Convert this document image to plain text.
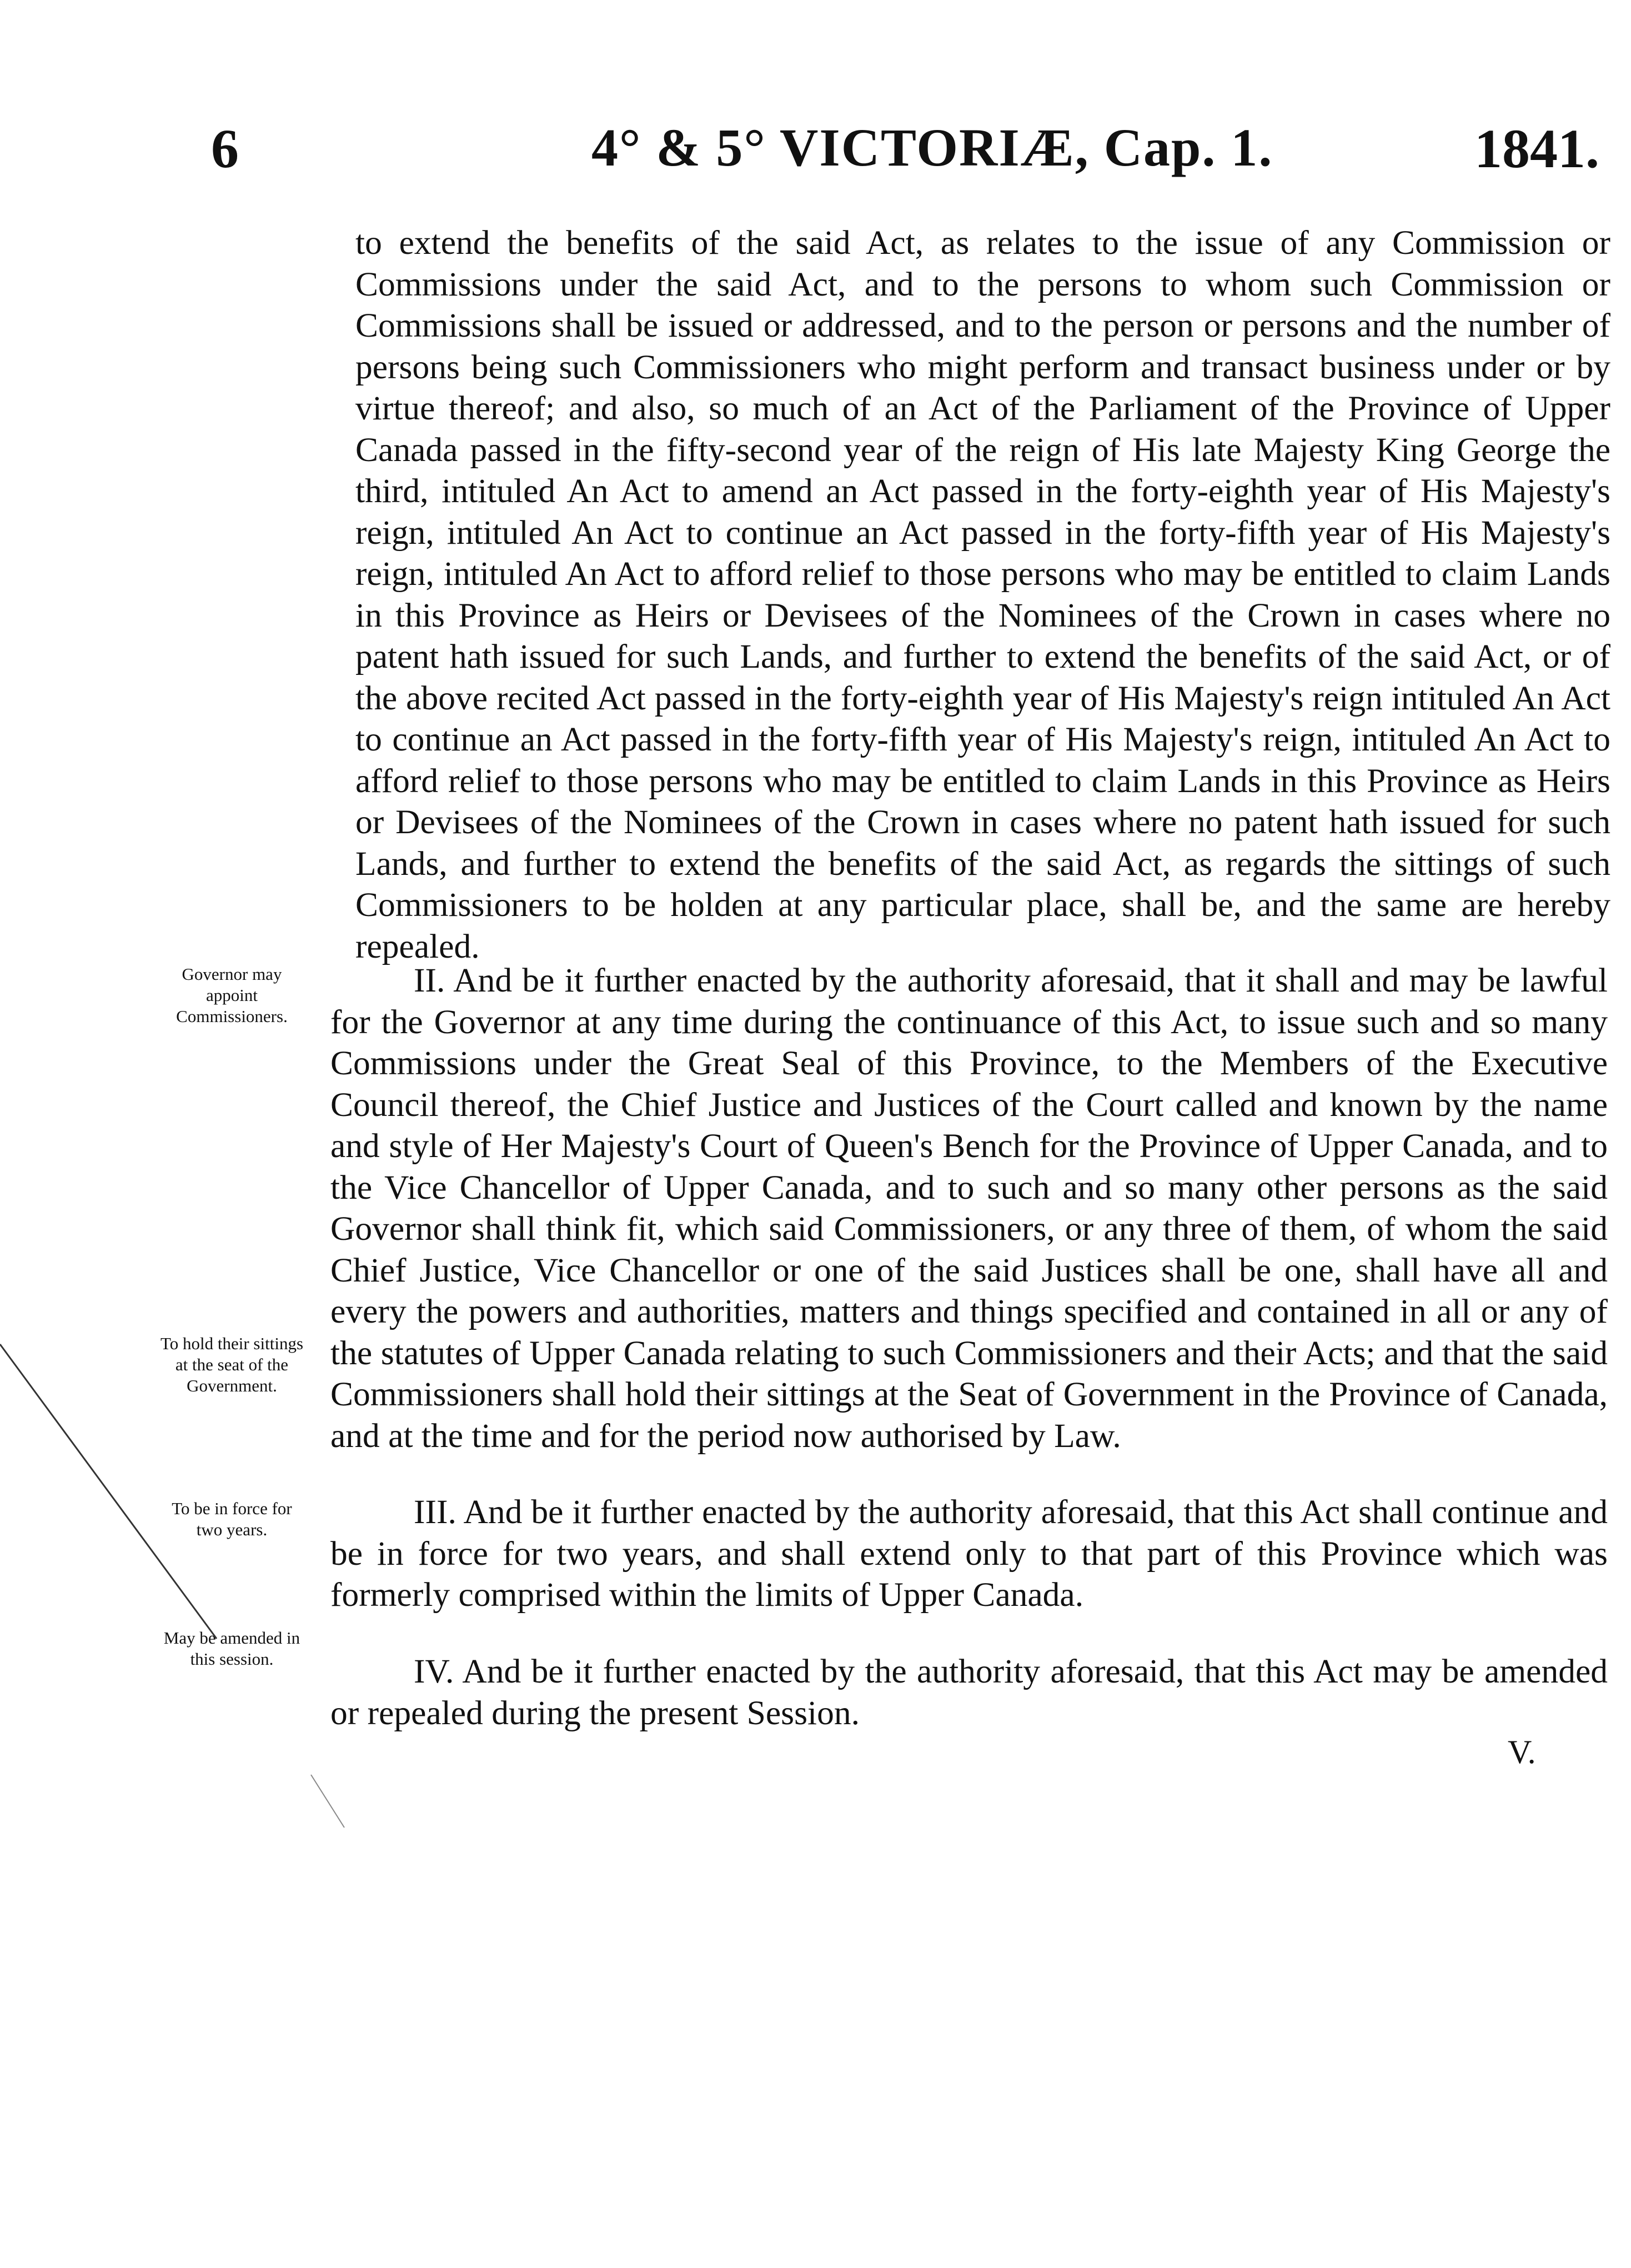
6	4° & 5° VICTORIÆ, Cap. 1.	1841.
to extend the benefits of the said Act, as relates to the issue of any Commission or Commissions under the said Act, and to the persons to whom such Commission or Commissions shall be issued or addressed, and to the person or persons and the number of persons being such Commissioners who might perform and transact business under or by virtue thereof; and also, so much of an Act of the Parliament of the Province of Upper Canada passed in the fifty-second year of the reign of His late Majesty King George the third, intituled An Act to amend an Act passed in the forty-eighth year of His Majesty's reign, intituled An Act to continue an Act passed in the forty-fifth year of His Majesty's reign, intituled An Act to afford relief to those persons who may be entitled to claim Lands in this Province as Heirs or Devisees of the Nominees of the Crown in cases where no patent hath issued for such Lands, and further to extend the benefits of the said Act, or of the above recited Act passed in the forty-eighth year of His Majesty's reign intituled An Act to continue an Act passed in the forty-fifth year of His Majesty's reign, intituled An Act to afford relief to those persons who may be entitled to claim Lands in this Province as Heirs or Devisees of the Nominees of the Crown in cases where no patent hath issued for such Lands, and further to extend the benefits of the said Act, as regards the sittings of such Commissioners to be holden at any particular place, shall be, and the same are hereby repealed.
Governor may appoint Commissioners.
II. And be it further enacted by the authority aforesaid, that it shall and may be lawful for the Governor at any time during the continuance of this Act, to issue such and so many Commissions under the Great Seal of this Province, to the Members of the Executive Council thereof, the Chief Justice and Justices of the Court called and known by the name and style of Her Majesty's Court of Queen's Bench for the Province of Upper Canada, and to the Vice Chancellor of Upper Canada, and to such and so many other persons as the said Governor shall think fit, which said Commissioners, or any three of them, of whom the said Chief Justice, Vice Chancellor or one of the said Justices shall be one, shall have all and every the powers and authorities, matters and things specified and contained in all or any of the statutes of Upper Canada relating to such Commissioners and their Acts; and that the said Commissioners shall hold their sittings at the Seat of Government in the Province of Canada, and at the time and for the period now authorised by Law.
To hold their sittings at the seat of the Government.
To be in force for two years.	III. And be it further enacted by the authority aforesaid, that this Act shall continue and be in force for two years, and shall extend only to that part of this Province which was formerly comprised within the limits of Upper Canada.
May be amended in this session.	IV. And be it further enacted by the authority aforesaid, that this Act may be amended or repealed during the present Session.
V.
